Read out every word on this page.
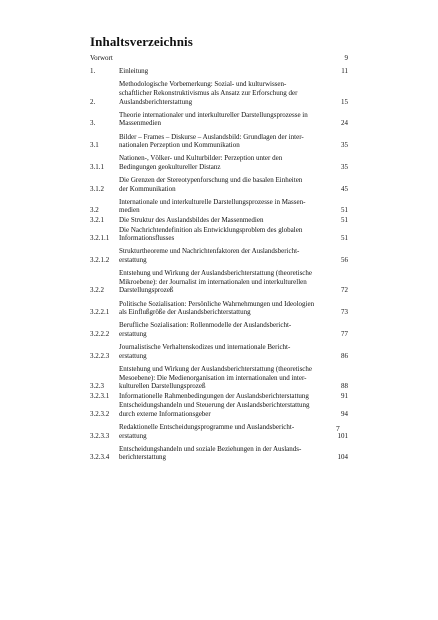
Inhaltsverzeichnis
Vorwort	9
1.	Einleitung	11
2.
Methodologische Vorbemerkung: Sozial- und kulturwissen-
schaftlicher Rekonstruktivismus als Ansatz zur Erforschung der
Auslandsberichterstattung	15
3.
Theorie internationaler und interkultureller Darstellungsprozesse in
Massenmedien	24
3.1
Bilder – Frames – Diskurse – Auslandsbild: Grundlagen der inter-
nationalen Perzeption und Kommunikation	35
3.1.1
Nationen-, Völker- und Kulturbilder: Perzeption unter den
Bedingungen geokultureller Distanz	35
3.1.2
Die Grenzen der Stereotypenforschung und die basalen Einheiten
der Kommunikation	45
3.2
Internationale und interkulturelle Darstellungsprozesse in Massen-
medien	51
3.2.1	Die Struktur des Auslandsbildes der Massenmedien	51
3.2.1.1
Die Nachrichtendefinition als Entwicklungsproblem des globalen
Informationsflusses	51
3.2.1.2
Strukturtheoreme und Nachrichtenfaktoren der Auslandsbericht-
erstattung	56
3.2.2
Entstehung und Wirkung der Auslandsberichterstattung (theoretische
Mikroebene): der Journalist im internationalen und interkulturellen
Darstellungsprozeß	72
3.2.2.1
Politische Sozialisation: Persönliche Wahrnehmungen und Ideologien
als Einflußgröße der Auslandsberichterstattung	73
3.2.2.2
Berufliche Sozialisation: Rollenmodelle der Auslandsbericht-
erstattung	77
3.2.2.3
Journalistische Verhaltenskodizes und internationale Bericht-
erstattung	86
3.2.3
Entstehung und Wirkung der Auslandsberichterstattung (theoretische
Mesoebene): Die Medienorganisation im internationalen und inter-
kulturellen Darstellungsprozeß	88
3.2.3.1	Informationelle Rahmenbedingungen der Auslandsberichterstattung	91
3.2.3.2
Entscheidungshandeln und Steuerung der Auslandsberichterstattung
durch externe Informationsgeber	94
3.2.3.3
Redaktionelle Entscheidungsprogramme und Auslandsbericht-
erstattung	101
3.2.3.4
Entscheidungshandeln und soziale Beziehungen in der Auslands-
berichterstattung	104
7
